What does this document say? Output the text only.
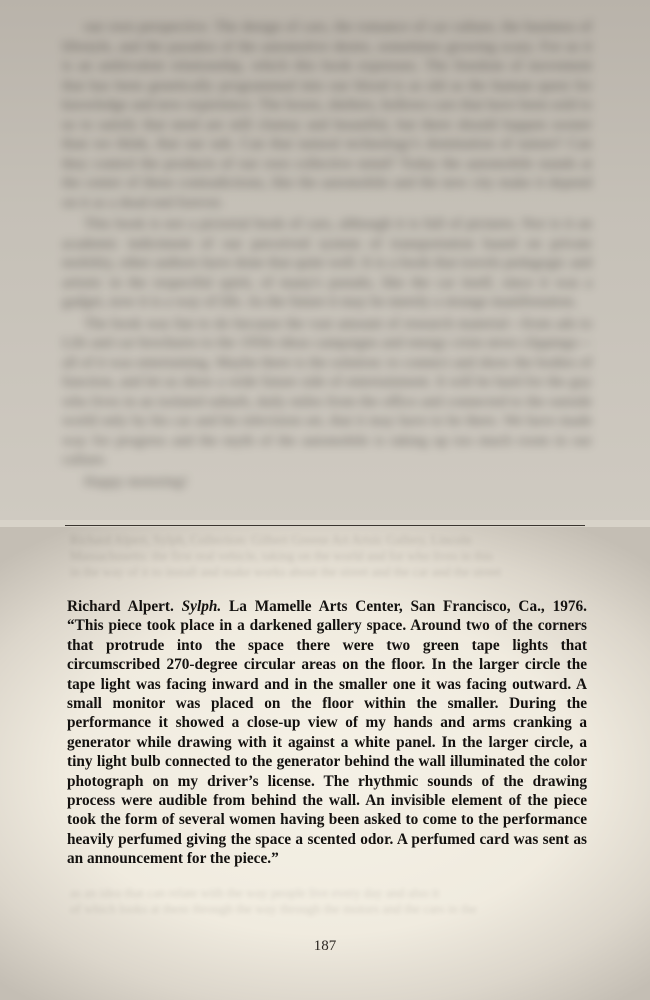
our own perspective. The design of cars, the romance of car culture, the business of lifestyle, and the paradox of the automotive desire, sometimes growing scary. For us it is an ambivalent relationship, which this book expresses. The freedom of movement that has been genetically programmed into our blood is as old as the human quest for knowledge and new experience. The boxes, shelters, hollows cars that have been sold to us to satisfy that need are still clumsy and beautiful, but there should happen sooner than we think, that our sub. Can that natural technology's domination of nature? Can they control the products of our own collective mind? Today the automobile stands at the center of these contradictions, like the automobile and the new city make it depend on it as a dead end forever.

This book is not a pictorial book of cars, although it is full of pictures. Nor is it an academic indictment of our perceived system of transportation based on private mobility, other authors have done that quite well. It is a book that travels pedagogic and artistic in the respectful spirit, of many's pseudo, like the car itself, since it was a gadget, now it is a way of life. As the future it may be merely a strange manifestation.

The book was fun to do because the vast amount of research material—from ads to Life and car brochures to the 1950s ideas campaigns and energy crisis news clippings—all of it was entertaining. Maybe there is the solution: to connect and show the bodies of function, and let us show a wide future side of entertainment. It will be hard for the guy who lives in an isolated suburb, daily miles from the office and connected to the outside world only by his car and his television set, that it may have to be there. We have made way for progress and the myth of the automobile is taking up too much room in our culture.

Happy motoring!

Richard Alpert, Sylph, Collection: Gilbert Greene Art Artsic Gallery, Lincoln
Massachusetts: the first real vehicle, taking on the world and for who lives in this
in the way of it to install and make works about the street and the car and the street

Richard Alpert. Sylph. La Mamelle Arts Center, San Francisco, Ca., 1976. “This piece took place in a darkened gallery space. Around two of the corners that protrude into the space there were two green tape lights that circumscribed 270-degree circular areas on the floor. In the larger circle the tape light was facing inward and in the smaller one it was facing outward. A small monitor was placed on the floor within the smaller. During the performance it showed a close-up view of my hands and arms cranking a generator while drawing with it against a white panel. In the larger circle, a tiny light bulb connected to the generator behind the wall illuminated the color photograph on my driver’s license. The rhythmic sounds of the drawing process were audible from behind the wall. An invisible element of the piece took the form of several women having been asked to come to the performance heavily perfumed giving the space a scented odor. A perfumed card was sent as an announcement for the piece.”

as an idea that can relate with the way people live every day and also it
of which looks at them through the way through the motors and the cars in the
187
